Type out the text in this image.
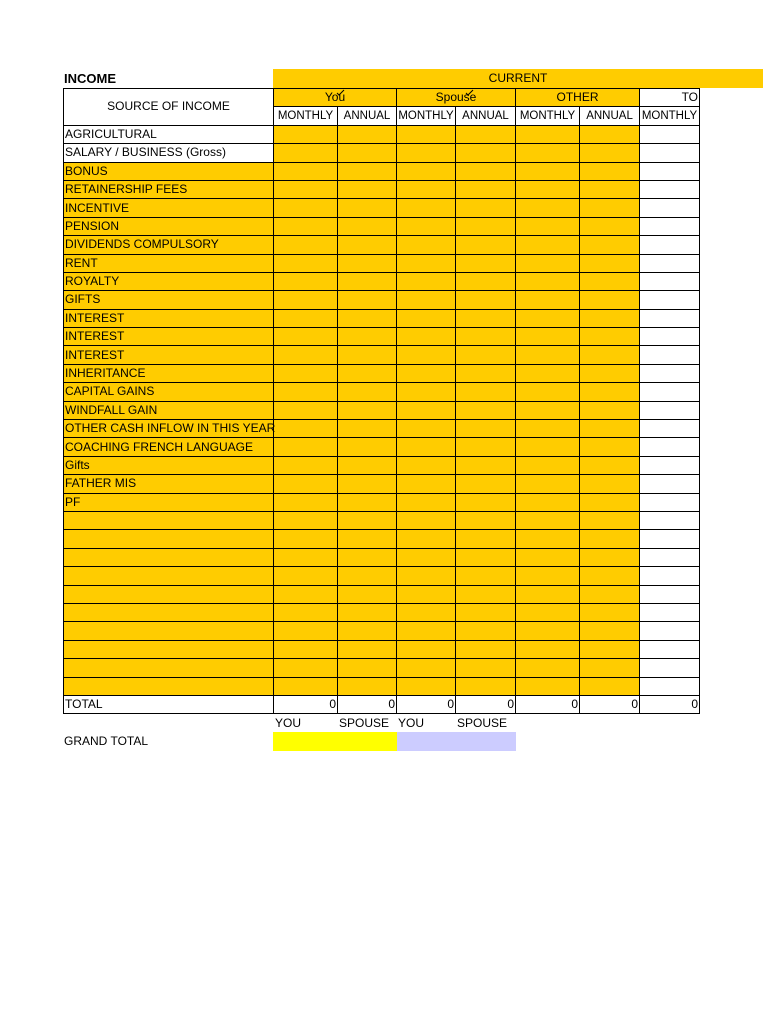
INCOME	CURRENT
SOURCE OF INCOME	You		Spouse		OTHER		TO
	MONTHLY	ANNUAL	MONTHLY	ANNUAL	MONTHLY	ANNUAL	MONTHLY
AGRICULTURAL							
SALARY / BUSINESS (Gross)							
BONUS							
RETAINERSHIP FEES							
INCENTIVE							
PENSION							
DIVIDENDS COMPULSORY							
RENT							
ROYALTY							
GIFTS							
INTEREST							
INTEREST							
INTEREST							
INHERITANCE							
CAPITAL GAINS							
WINDFALL GAIN							
OTHER CASH INFLOW IN THIS YEAR							
COACHING FRENCH LANGUAGE							
Gifts							
FATHER MIS							
PF							

TOTAL	0	0	0	0	0	0	0
YOU	SPOUSE YOU	SPOUSE
GRAND TOTAL
